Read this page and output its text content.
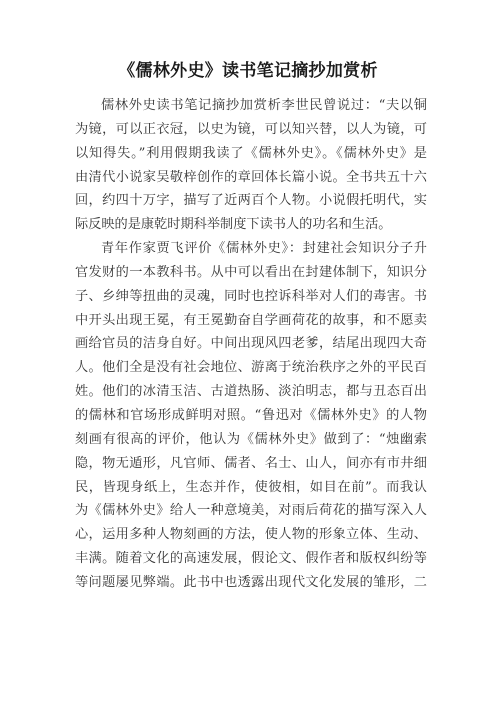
《儒林外史》读书笔记摘抄加赏析
儒林外史读书笔记摘抄加赏析李世民曾说过：“夫以铜
为镜，可以正衣冠，以史为镜，可以知兴替，以人为镜，可
以知得失。”利用假期我读了《儒林外史》。《儒林外史》是
由清代小说家吴敬梓创作的章回体长篇小说。全书共五十六
回，约四十万字，描写了近两百个人物。小说假托明代，实
际反映的是康乾时期科举制度下读书人的功名和生活。
青年作家贾飞评价《儒林外史》：封建社会知识分子升
官发财的一本教科书。从中可以看出在封建体制下，知识分
子、乡绅等扭曲的灵魂，同时也控诉科举对人们的毒害。书
中开头出现王冕，有王冕勤奋自学画荷花的故事，和不愿卖
画给官员的洁身自好。中间出现风四老爹，结尾出现四大奇
人。他们全是没有社会地位、游离于统治秩序之外的平民百
姓。他们的冰清玉洁、古道热肠、淡泊明志，都与丑态百出
的儒林和官场形成鲜明对照。“鲁迅对《儒林外史》的人物
刻画有很高的评价，他认为《儒林外史》做到了：“烛幽索
隐，物无遁形，凡官师、儒者、名士、山人，间亦有市井细
民，皆现身纸上，生态并作，使彼相，如目在前”。而我认
为《儒林外史》给人一种意境美，对雨后荷花的描写深入人
心，运用多种人物刻画的方法，使人物的形象立体、生动、
丰满。随着文化的高速发展，假论文、假作者和版权纠纷等
等问题屡见弊端。此书中也透露出现代文化发展的雏形，二
